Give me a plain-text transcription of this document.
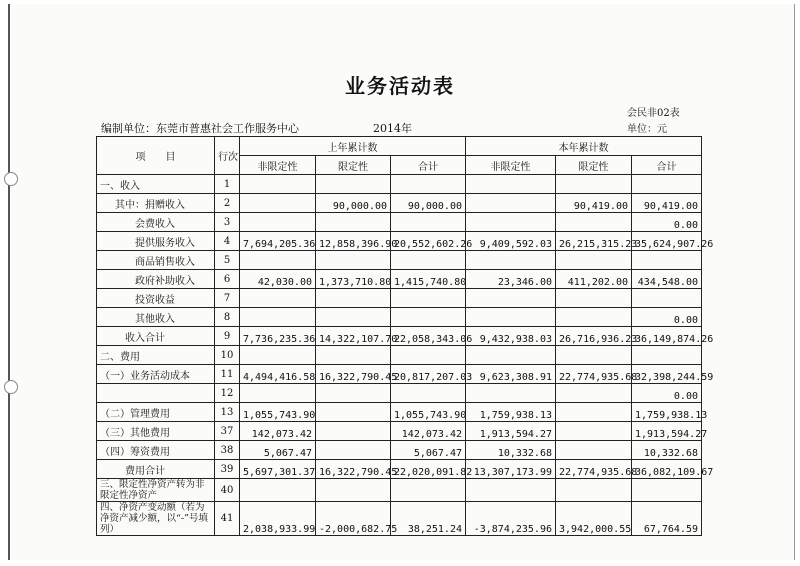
业务活动表
会民非02表
编制单位：东莞市普惠社会工作服务中心	2014年	单位：元
项　　目	行次	上年累计数			本年累计数		
		非限定性	限定性	合计	非限定性	限定性	合计
一、收入	1						
其中：捐赠收入	2		90,000.00	90,000.00		90,419.00	90,419.00
会费收入	3						0.00
提供服务收入	4	7,694,205.36	12,858,396.90	20,552,602.26	9,409,592.03	26,215,315.23	35,624,907.26
商品销售收入	5						
政府补助收入	6	42,030.00	1,373,710.80	1,415,740.80	23,346.00	411,202.00	434,548.00
投资收益	7						
其他收入	8						0.00
收入合计	9	7,736,235.36	14,322,107.70	22,058,343.06	9,432,938.03	26,716,936.23	36,149,874.26
二、费用	10						
（一）业务活动成本	11	4,494,416.58	16,322,790.45	20,817,207.03	9,623,308.91	22,774,935.68	32,398,244.59
	12						0.00
（二）管理费用	13	1,055,743.90		1,055,743.90	1,759,938.13		1,759,938.13
（三）其他费用	37	142,073.42		142,073.42	1,913,594.27		1,913,594.27
（四）筹资费用	38	5,067.47		5,067.47	10,332.68		10,332.68
费用合计	39	5,697,301.37	16,322,790.45	22,020,091.82	13,307,173.99	22,774,935.68	36,082,109.67
三、限定性净资产转为非限定性净资产	40						
四、净资产变动额（若为净资产减少额，以“-”号填列）	41	2,038,933.99	-2,000,682.75	38,251.24	-3,874,235.96	3,942,000.55	67,764.59
